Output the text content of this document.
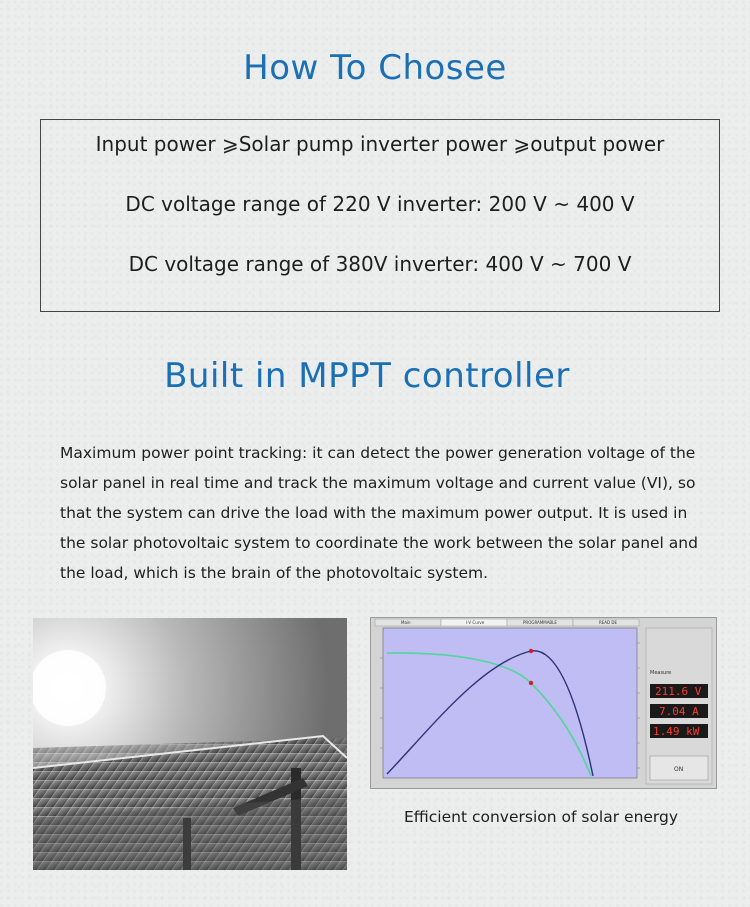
How To Chosee
Input power ⩾Solar pump inverter power ⩾output power
DC voltage range of 220 V inverter: 200 V ~ 400 V
DC voltage range of 380V inverter: 400 V ~ 700 V
Built in MPPT controller
Maximum power point tracking: it can detect the power generation voltage of the solar panel in real time and track the maximum voltage and current value (VI), so that the system can drive the load with the maximum power output. It is used in the solar photovoltaic system to coordinate the work between the solar panel and the load, which is the brain of the photovoltaic system.
Main	I-V Curve	PROGRAMMABLE	READ DE
Measure
211.6 V
7.04 A
1.49 kW
ON
Efficient conversion of solar energy
